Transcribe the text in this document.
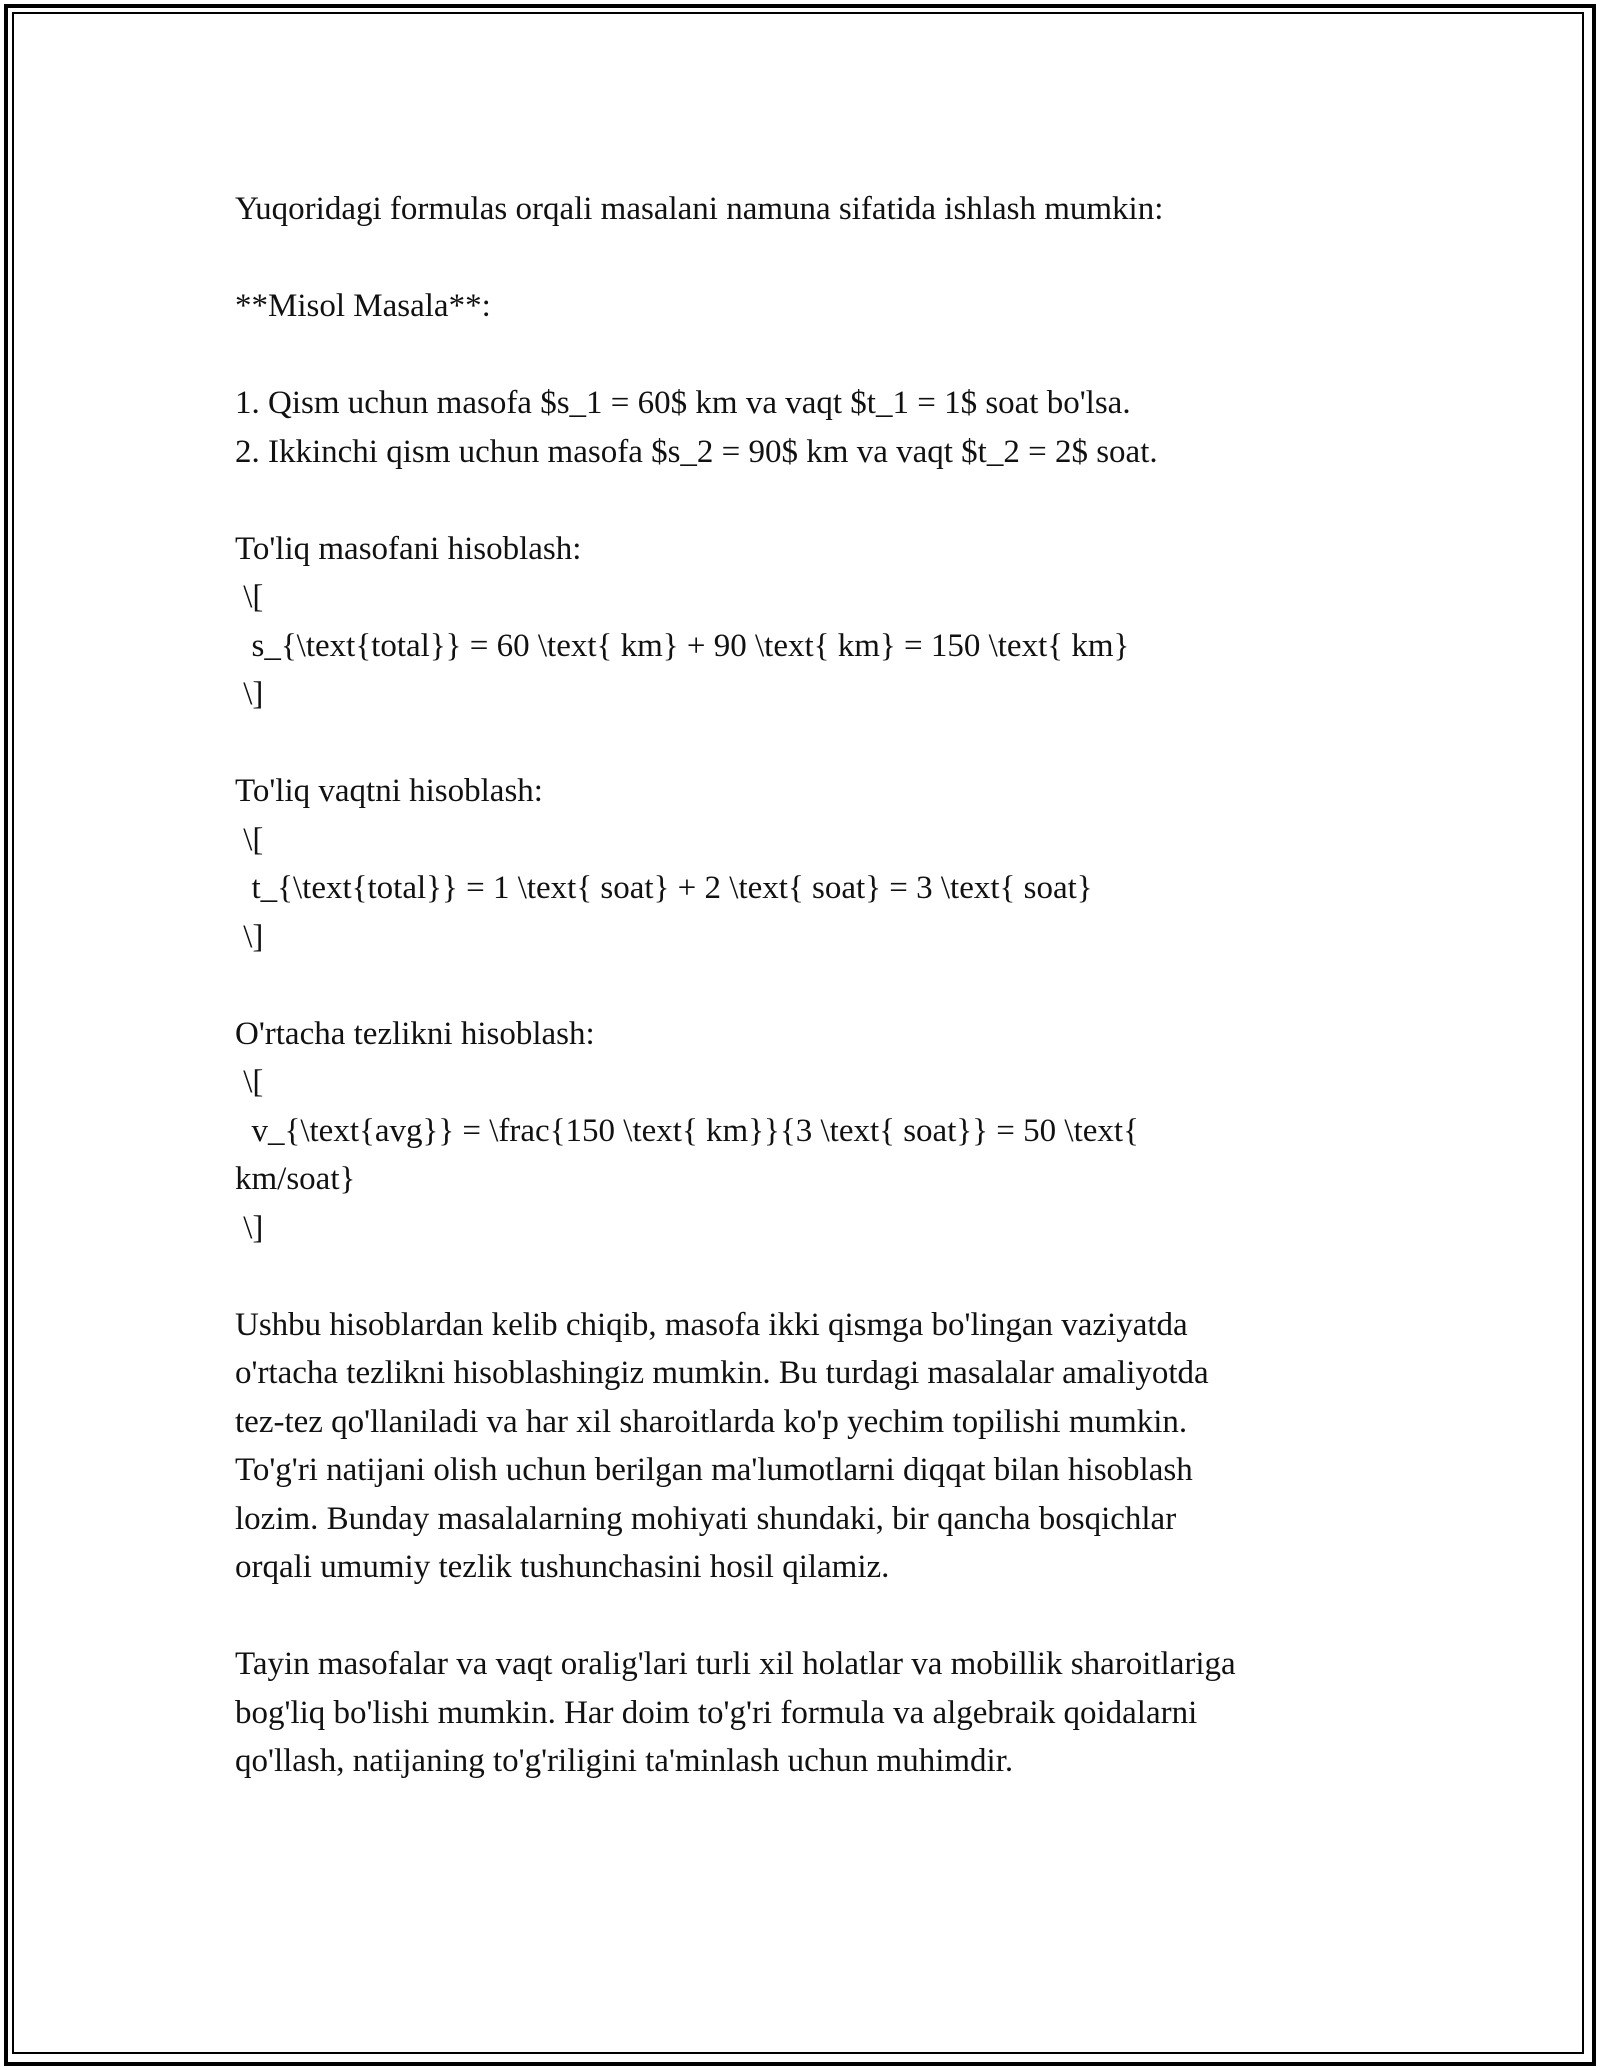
Yuqoridagi formulas orqali masalani namuna sifatida ishlash mumkin:
**Misol Masala**:
1. Qism uchun masofa $s_1 = 60$ km va vaqt $t_1 = 1$ soat bo'lsa.
2. Ikkinchi qism uchun masofa $s_2 = 90$ km va vaqt $t_2 = 2$ soat.
To'liq masofani hisoblash:
\[
s_{\text{total}} = 60 \text{ km} + 90 \text{ km} = 150 \text{ km}
\]
To'liq vaqtni hisoblash:
\[
t_{\text{total}} = 1 \text{ soat} + 2 \text{ soat} = 3 \text{ soat}
\]
O'rtacha tezlikni hisoblash:
\[
v_{\text{avg}} = \frac{150 \text{ km}}{3 \text{ soat}} = 50 \text{
km/soat}
\]
Ushbu hisoblardan kelib chiqib, masofa ikki qismga bo'lingan vaziyatda
o'rtacha tezlikni hisoblashingiz mumkin. Bu turdagi masalalar amaliyotda
tez-tez qo'llaniladi va har xil sharoitlarda ko'p yechim topilishi mumkin.
To'g'ri natijani olish uchun berilgan ma'lumotlarni diqqat bilan hisoblash
lozim. Bunday masalalarning mohiyati shundaki, bir qancha bosqichlar
orqali umumiy tezlik tushunchasini hosil qilamiz.
Tayin masofalar va vaqt oralig'lari turli xil holatlar va mobillik sharoitlariga
bog'liq bo'lishi mumkin. Har doim to'g'ri formula va algebraik qoidalarni
qo'llash, natijaning to'g'riligini ta'minlash uchun muhimdir.
